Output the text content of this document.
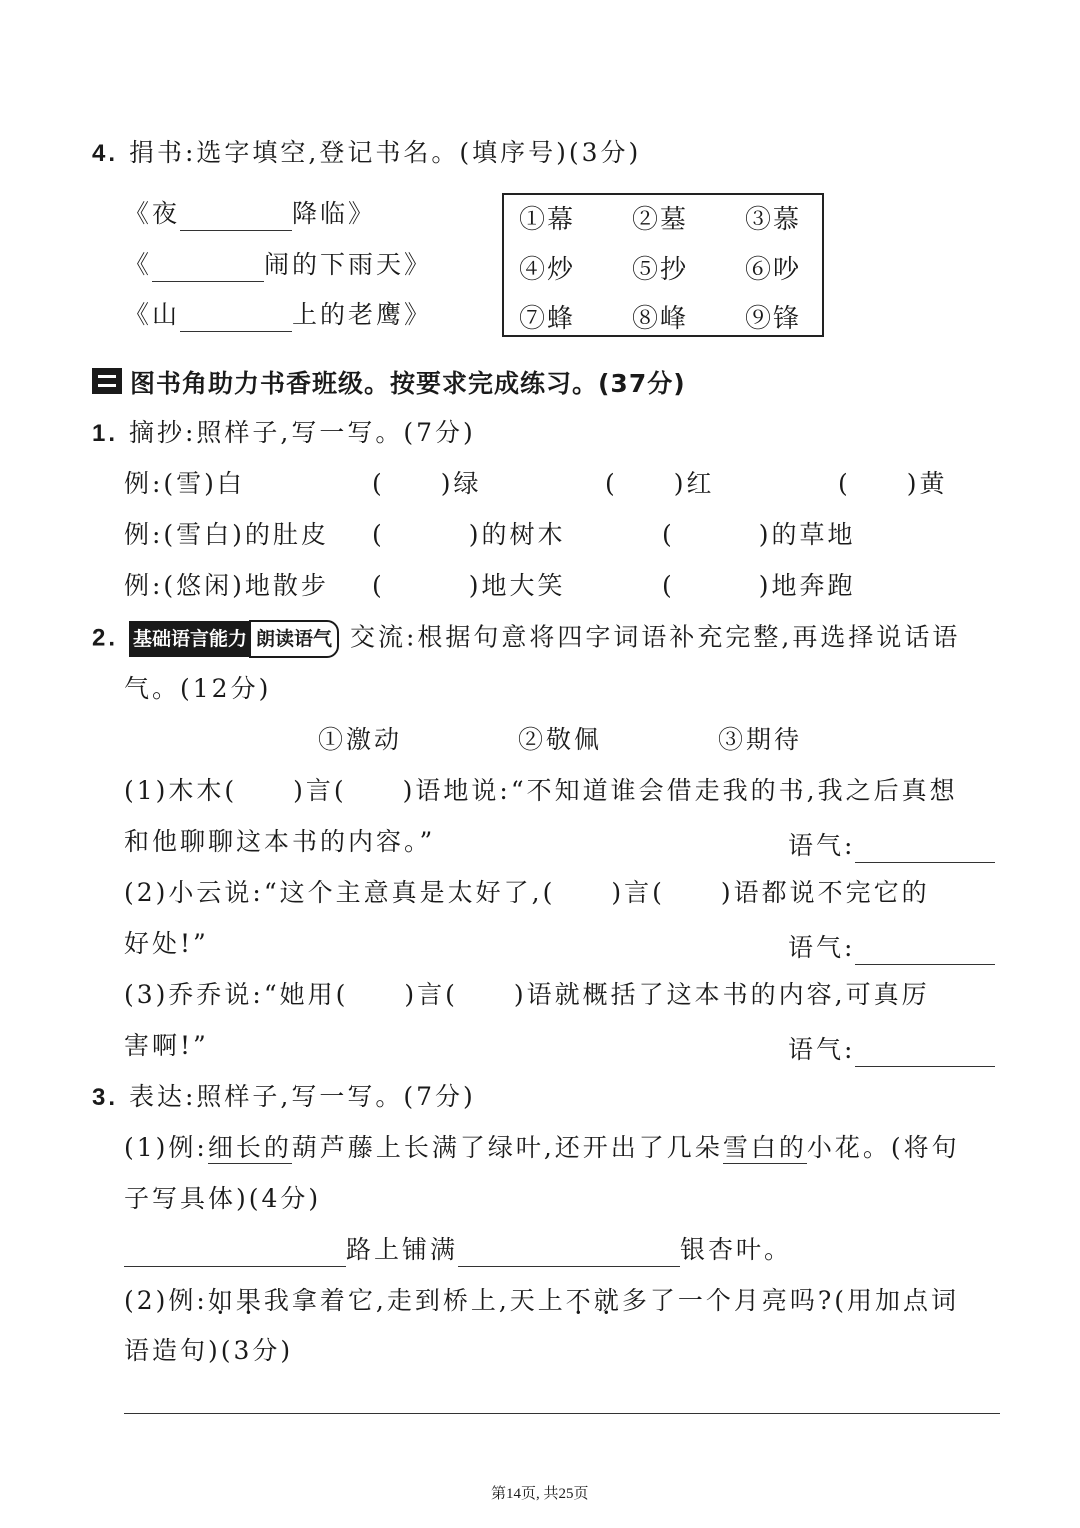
4. 捐书:选字填空,登记书名。(填序号)(3分)
《夜	降临》
《	闹的下雨天》
《山	上的老鹰》
①幕 ②墓 ③慕
④炒 ⑤抄 ⑥吵
⑦蜂 ⑧峰 ⑨锋
图书角助力书香班级。按要求完成练习。(37分)
1. 摘抄:照样子,写一写。(7分)
例:(雪)白	(　　)绿	(　　)红	(　　)黄
例:(雪白)的肚皮 (　　　)的树木	(　　　)的草地
例:(悠闲)地散步 (　　　)地大笑	(　　　)地奔跑
2. 基础语言能力 朗读语气 交流:根据句意将四字词语补充完整,再选择说话语
气。(12分)
①激动	②敬佩	③期待
(1)木木(　　)言(　　)语地说:“不知道谁会借走我的书,我之后真想
和他聊聊这本书的内容。”	语气:
(2)小云说:“这个主意真是太好了,(　　)言(　　)语都说不完它的
好处!”	语气:
(3)乔乔说:“她用(　　)言(　　)语就概括了这本书的内容,可真厉
害啊!”	语气:
3. 表达:照样子,写一写。(7分)
(1)例:细长的葫芦藤上长满了绿叶,还开出了几朵雪白的小花。(将句
子写具体)(4分)
路上铺满	银杏叶。
(2)例:如果我拿着它,走到桥上,天上不就多了一个月亮吗?(用加点词
语造句)(3分)
第14页, 共25页
